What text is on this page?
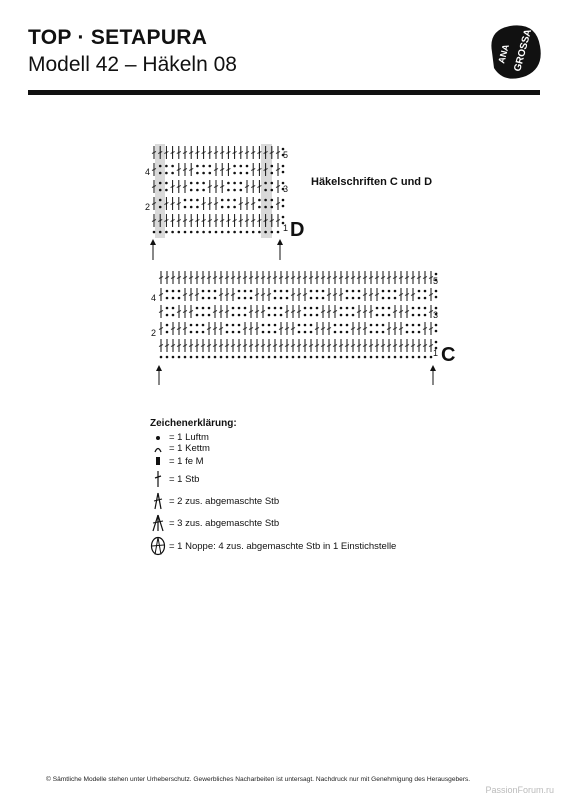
TOP · SETAPURA
Modell 42 – Häkeln 08	ANA GROSSA
Häkelschriften C und D
5
4
3
2
1 D
5
4
3
2
1 C
Zeichenerklärung:
= 1 Luftm
= 1 Kettm
= 1 fe M
= 1 Stb
= 2 zus. abgemaschte Stb
= 3 zus. abgemaschte Stb
= 1 Noppe: 4 zus. abgemaschte Stb in 1 Einstichstelle
© Sämtliche Modelle stehen unter Urheberschutz. Gewerbliches Nacharbeiten ist untersagt. Nachdruck nur mit Genehmigung des Herausgebers.
PassionForum.ru
